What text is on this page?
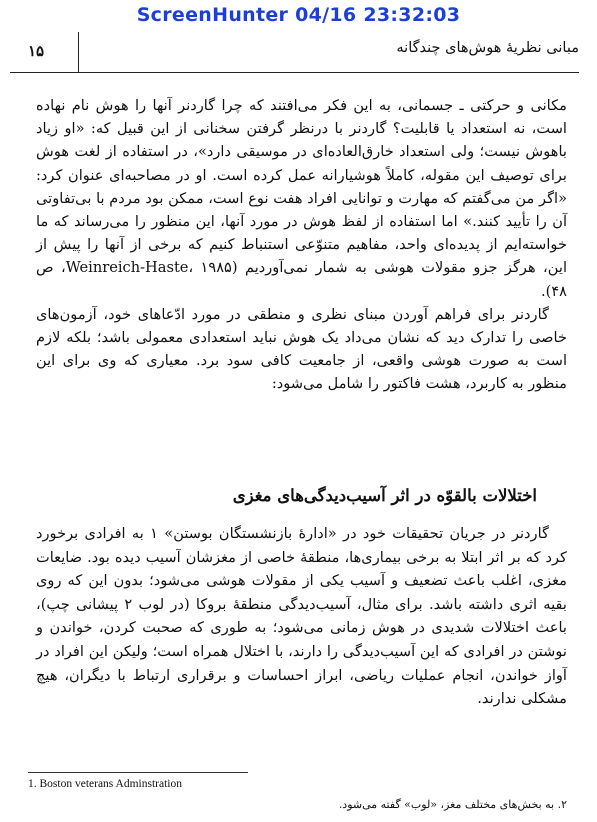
ScreenHunter 04/16 23:32:03
۱۵	مبانی نظریهٔ هوش‌های چندگانه

مکانی و حرکتی ـ جسمانی، به این فکر می‌افتند که چرا گاردنر آنها را هوش نام نهاده است، نه استعداد یا قابلیت؟ گاردنر با درنظر گرفتن سخنانی از این قبیل که: «او زیاد باهوش نیست؛ ولی استعداد خارق‌العاده‌ای در موسیقی دارد»، در استفاده از لغت هوش برای توصیف این مقوله، کاملاً هوشیارانه عمل کرده است. او در مصاحبه‌ای عنوان کرد: «اگر من می‌گفتم که مهارت و توانایی افراد هفت نوع است، ممکن بود مردم با بی‌تفاوتی آن را تأیید کنند.» اما استفاده از لفظ هوش در مورد آنها، این منظور را می‌رساند که ما خواسته‌ایم از پدیده‌ای واحد، مفاهیم متنوّعی استنباط کنیم که برخی از آنها را پیش از این، هرگز جزو مقولات هوشی به شمار نمی‌آوردیم (Weinreich-Haste، ۱۹۸۵، ص ۴۸).

گاردنر برای فراهم آوردن مبنای نظری و منطقی در مورد ادّعاهای خود، آزمون‌های خاصی را تدارک دید که نشان می‌داد یک هوش نباید استعدادی معمولی باشد؛ بلکه لازم است به صورت هوشی واقعی، از جامعیت کافی سود برد. معیاری که وی برای این منظور به کاربرد، هشت فاکتور را شامل می‌شود:

اختلالات بالقوّه در اثر آسیب‌دیدگی‌های مغزی

گاردنر در جریان تحقیقات خود در «ادارهٔ بازنشستگان بوستن» ۱ به افرادی برخورد کرد که بر اثر ابتلا به برخی بیماری‌ها، منطقهٔ خاصی از مغزشان آسیب دیده بود. ضایعات مغزی، اغلب باعث تضعیف و آسیب یکی از مقولات هوشی می‌شود؛ بدون این که روی بقیه اثری داشته باشد. برای مثال، آسیب‌دیدگی منطقهٔ بروکا (در لوب ۲ پیشانی چپ)، باعث اختلالات شدیدی در هوش زمانی می‌شود؛ به طوری که صحبت کردن، خواندن و نوشتن در افرادی که این آسیب‌دیدگی را دارند، با اختلال همراه است؛ ولیکن این افراد در آواز خواندن، انجام عملیات ریاضی، ابراز احساسات و برقراری ارتباط با دیگران، هیچ مشکلی ندارند.

1. Boston veterans Adminstration
۲. به بخش‌های مختلف مغز، «لوب» گفته می‌شود.
